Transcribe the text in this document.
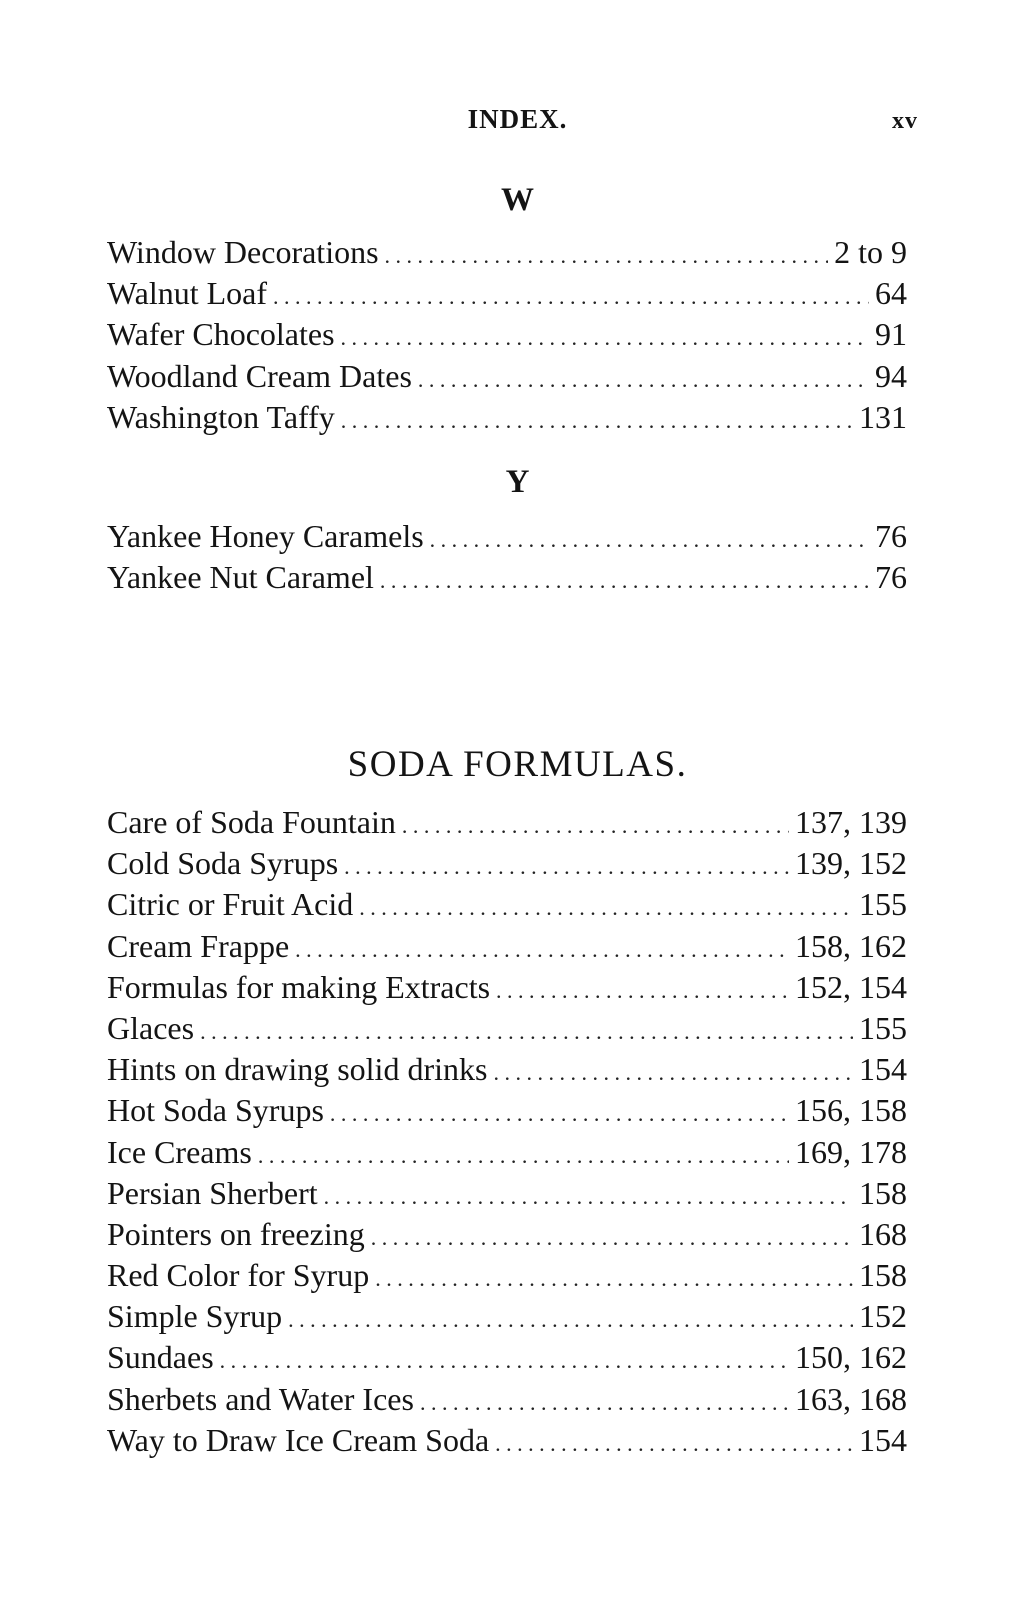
INDEX.	xv
W
Window Decorations . . .	2 to 9
Walnut Loaf . . .	64
Wafer Chocolates . . .	91
Woodland Cream Dates . . .	94
Washington Taffy . . .	131
Y
Yankee Honey Caramels . . .	76
Yankee Nut Caramel . . .	76
SODA FORMULAS.
Care of Soda Fountain . . .	137, 139
Cold Soda Syrups . . .	139, 152
Citric or Fruit Acid . . .	155
Cream Frappe . . .	158, 162
Formulas for making Extracts . . .	152, 154
Glaces . . .	155
Hints on drawing solid drinks . . .	154
Hot Soda Syrups . . .	156, 158
Ice Creams . . .	169, 178
Persian Sherbert . . .	158
Pointers on freezing . . .	168
Red Color for Syrup . . .	158
Simple Syrup . . .	152
Sundaes . . .	150, 162
Sherbets and Water Ices . . .	163, 168
Way to Draw Ice Cream Soda . . .	154
